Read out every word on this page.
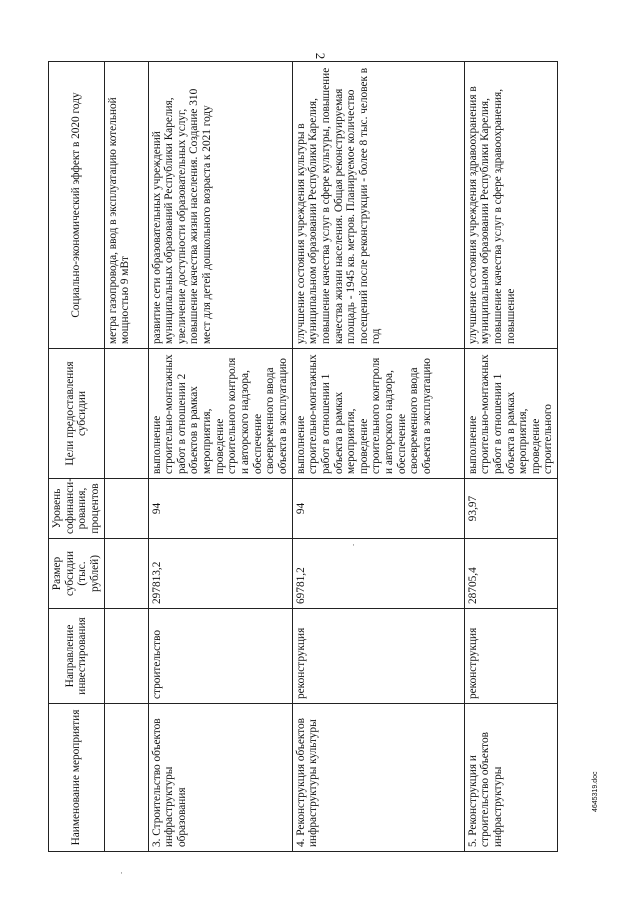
2
Наименование мероприятия	Направление инвестирования	Размер субсидии (тыс. рублей)	Уровень софинанси-рования, процентов	Цели предоставления субсидии	Социально-экономический эффект в 2020 году
					метра газопровода, ввод в эксплуатацию котельной мощностью 9 мВт
3. Строительство объектов инфраструктуры образования	строительство	297813,2	94	выполнение строительно-монтажных работ в отношении 2 объектов в рамках мероприятия, проведение строительного контроля и авторского надзора, обеспечение своевременного ввода объекта в эксплуатацию	развитие сети образовательных учреждений муниципальных образований Республики Карелия, увеличение доступности образовательных услуг, повышение качества жизни населения. Создание 310 мест для детей дошкольного возраста к 2021 году
4. Реконструкция объектов инфраструктуры культуры	реконструкция	69781,2	94	выполнение строительно-монтажных работ в отношении 1 объекта в рамках мероприятия, проведение строительного контроля и авторского надзора, обеспечение своевременного ввода объекта в эксплуатацию	улучшение состояния учреждения культуры в муниципальном образовании Республики Карелия, повышение качества услуг в сфере культуры, повышение качества жизни населения. Общая реконструируемая площадь - 1945 кв. метров. Планируемое количество посещений после реконструкции - более 8 тыс. человек в год
5. Реконструкция и строительство объектов инфраструктуры	реконструкция	28705,4	93,97	выполнение строительно-монтажных работ в отношении 1 объекта в рамках мероприятия, проведение строительного	улучшение состояния учреждения здравоохранения в муниципальном образовании Республики Карелия, повышение качества услуг в сфере здравоохранения, повышение
4645319.doc
·
·
